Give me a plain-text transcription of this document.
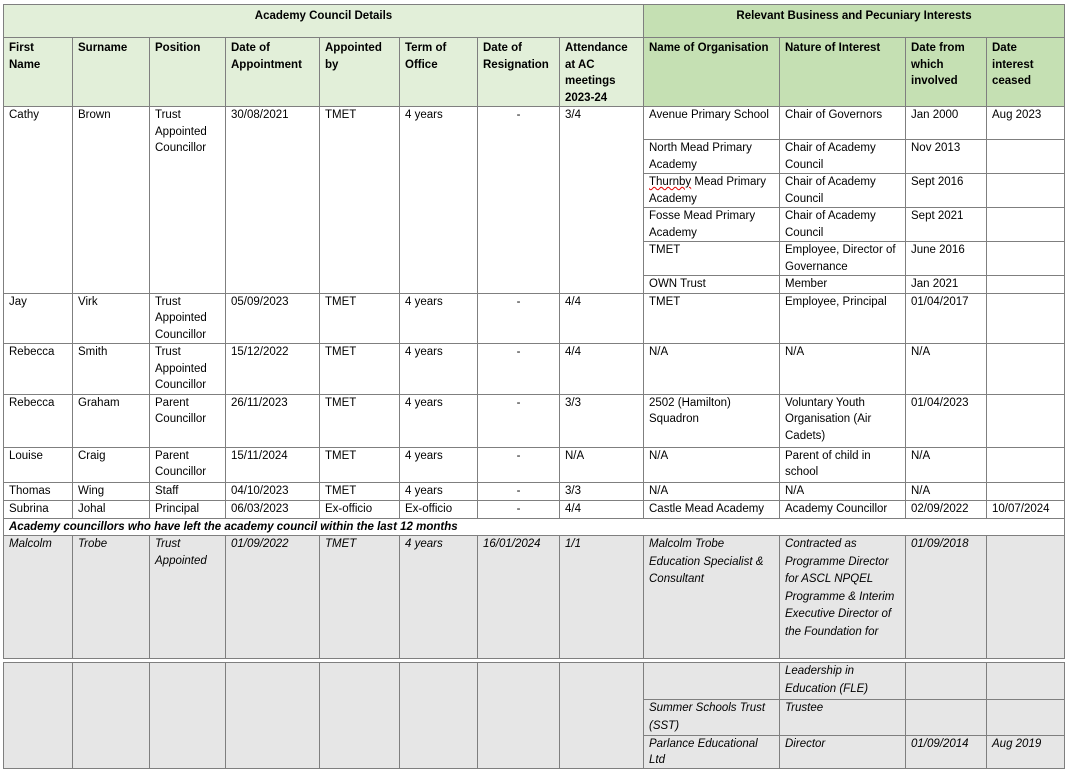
Academy Council Details								Relevant Business and Pecuniary Interests			
First Name	Surname	Position	Date of Appointment	Appointed by	Term of Office	Date of Resignation	Attendance at AC meetings 2023-24	Name of Organisation	Nature of Interest	Date from which involved	Date interest ceased
Cathy	Brown	Trust Appointed Councillor	30/08/2021	TMET	4 years	-	3/4	Avenue Primary School	Chair of Governors	Jan 2000	Aug 2023
								North Mead Primary Academy	Chair of Academy Council	Nov 2013	
								Thurnby Mead Primary Academy	Chair of Academy Council	Sept 2016	
								Fosse Mead Primary Academy	Chair of Academy Council	Sept 2021	
								TMET	Employee, Director of Governance	June 2016	
								OWN Trust	Member	Jan 2021	
Jay	Virk	Trust Appointed Councillor	05/09/2023	TMET	4 years	-	4/4	TMET	Employee, Principal	01/04/2017	
Rebecca	Smith	Trust Appointed Councillor	15/12/2022	TMET	4 years	-	4/4	N/A	N/A	N/A	
Rebecca	Graham	Parent Councillor	26/11/2023	TMET	4 years	-	3/3	2502 (Hamilton) Squadron	Voluntary Youth Organisation (Air Cadets)	01/04/2023	
Louise	Craig	Parent Councillor	15/11/2024	TMET	4 years	-	N/A	N/A	Parent of child in school	N/A	
Thomas	Wing	Staff	04/10/2023	TMET	4 years	-	3/3	N/A	N/A	N/A	
Subrina	Johal	Principal	06/03/2023	Ex-officio	Ex-officio	-	4/4	Castle Mead Academy	Academy Councillor	02/09/2022	10/07/2024
Academy councillors who have left the academy council within the last 12 months											
Malcolm	Trobe	Trust Appointed	01/09/2022	TMET	4 years	16/01/2024	1/1	Malcolm Trobe Education Specialist & Consultant	Contracted as Programme Director for ASCL NPQEL Programme & Interim Executive Director of the Foundation for	01/09/2018	
									Leadership in Education (FLE)		
								Summer Schools Trust (SST)	Trustee		
								Parlance Educational Ltd	Director	01/09/2014	Aug 2019
